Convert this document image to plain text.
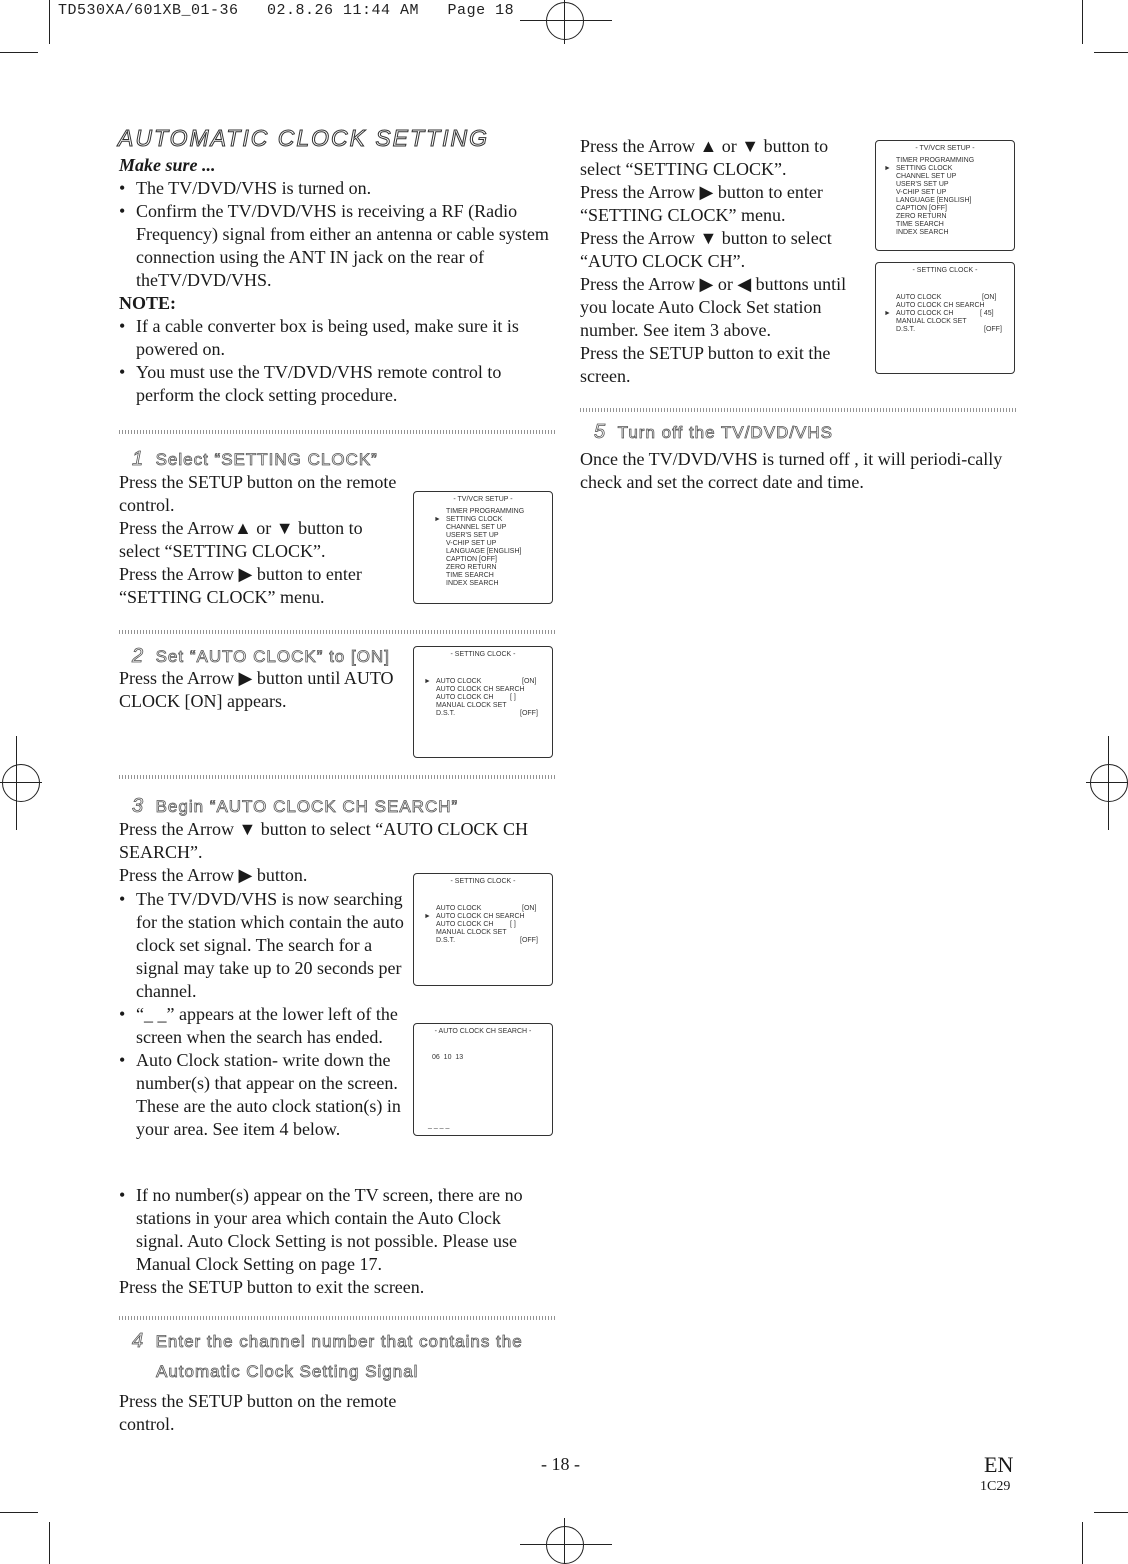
TD530XA/601XB_01-36   02.8.26 11:44 AM   Page 18
AUTOMATIC CLOCK SETTING

Make sure ...

• The TV/DVD/VHS is turned on.

• Confirm the TV/DVD/VHS is receiving a RF (Radio Frequency) signal from either an antenna or cable system connection using the ANT IN jack on the rear of theTV/DVD/VHS.

NOTE:

• If a cable converter box is being used, make sure it is powered on.

• You must use the TV/DVD/VHS remote control to perform the clock setting procedure.

1 Select “SETTING CLOCK”

Press the SETUP button on the remote control.

Press the Arrow▲ or ▼ button to select “SETTING CLOCK”.

Press the Arrow ▶ button to enter “SETTING CLOCK” menu.

- TV/VCR SETUP -
TIMER PROGRAMMING
► SETTING CLOCK
CHANNEL SET UP
USER'S SET UP
V-CHIP SET UP
LANGUAGE [ENGLISH]
CAPTION [OFF]
ZERO RETURN
TIME SEARCH
INDEX SEARCH
2 Set “AUTO CLOCK” to [ON]

Press the Arrow ▶ button until AUTO CLOCK [ON] appears.

- SETTING CLOCK -
► AUTO CLOCK	[ON]
AUTO CLOCK CH SEARCH
AUTO CLOCK CH [ ]
MANUAL CLOCK SET
D.S.T.	[OFF]
3 Begin “AUTO CLOCK CH SEARCH”

Press the Arrow ▼ button to select “AUTO CLOCK CH SEARCH”.

Press the Arrow ▶ button.

• The TV/DVD/VHS is now searching for the station which contain the auto clock set signal. The search for a signal may take up to 20 seconds per channel.

• “_ _” appears at the lower left of the screen when the search has ended.

• Auto Clock station- write down the number(s) that appear on the screen. These are the auto clock station(s) in your area. See item 4 below.

• If no number(s) appear on the TV screen, there are no stations in your area which contain the Auto Clock signal. Auto Clock Setting is not possible. Please use Manual Clock Setting on page 17.

Press the SETUP button to exit the screen.

- SETTING CLOCK -
AUTO CLOCK	[ON]
► AUTO CLOCK CH SEARCH
AUTO CLOCK CH [ ]
MANUAL CLOCK SET
D.S.T.	[OFF]
- AUTO CLOCK CH SEARCH -
06  10  13
_ _ _ _
4 Enter the channel number that contains the
Automatic Clock Setting Signal

Press the SETUP button on the remote control.

Press the Arrow ▲ or ▼ button to select “SETTING CLOCK”.

Press the Arrow ▶ button to enter “SETTING CLOCK” menu.

Press the Arrow ▼ button to select “AUTO CLOCK CH”.

Press the Arrow ▶ or ◀ buttons until you locate Auto Clock Set station number. See item 3 above.

Press the SETUP button to exit the screen.

- TV/VCR SETUP -
TIMER PROGRAMMING
► SETTING CLOCK
CHANNEL SET UP
USER'S SET UP
V-CHIP SET UP
LANGUAGE [ENGLISH]
CAPTION [OFF]
ZERO RETURN
TIME SEARCH
INDEX SEARCH
- SETTING CLOCK -
AUTO CLOCK	[ON]
AUTO CLOCK CH SEARCH
► AUTO CLOCK CH	[ 45]
MANUAL CLOCK SET
D.S.T.	[OFF]
5 Turn off the TV/DVD/VHS

Once the TV/DVD/VHS is turned off , it will periodi-cally check and set the correct date and time.

- 18 -	EN
1C29
